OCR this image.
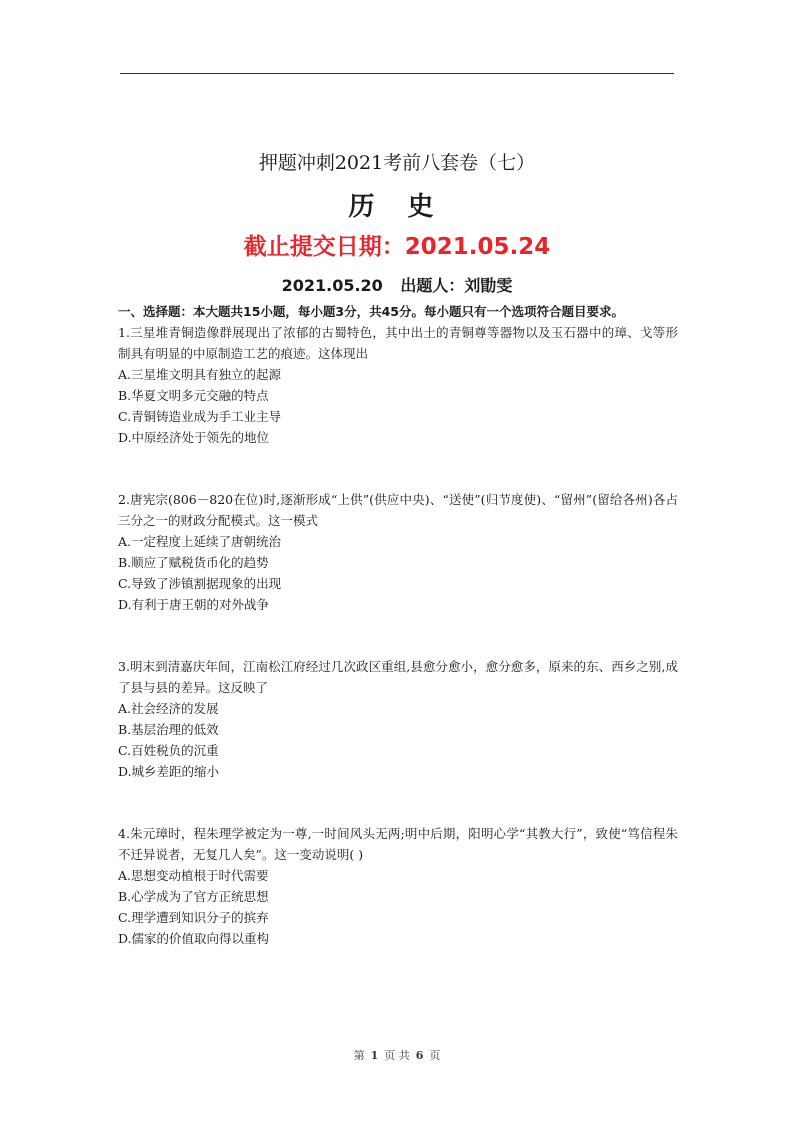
押题冲刺2021考前八套卷（七）
历 史
截止提交日期：2021.05.24
2021.05.20 出题人：刘勖雯

一、选择题：本大题共15小题，每小题3分，共45分。每小题只有一个选项符合题目要求。

1.三星堆青铜造像群展现出了浓郁的古蜀特色，其中出土的青铜尊等器物以及玉石器中的璋、戈等形制具有明显的中原制造工艺的痕迹。这体现出

A.三星堆文明具有独立的起源
B.华夏文明多元交融的特点
C.青铜铸造业成为手工业主导
D.中原经济处于领先的地位

2.唐宪宗(806－820在位)时,逐渐形成“上供”(供应中央)、“送使”(归节度使)、“留州”(留给各州)各占三分之一的财政分配模式。这一模式

A.一定程度上延续了唐朝统治
B.顺应了赋税货币化的趋势
C.导致了涉镇割据现象的出现
D.有利于唐王朝的对外战争

3.明末到清嘉庆年间，江南松江府经过几次政区重组,县愈分愈小，愈分愈多，原来的东、西乡之别,成了县与县的差异。这反映了

A.社会经济的发展
B.基层治理的低效
C.百姓税负的沉重
D.城乡差距的缩小

4.朱元璋时，程朱理学被定为一尊,一时间风头无两;明中后期，阳明心学“其教大行”，致使“笃信程朱不迁异说者，无复几人矣”。这一变动说明( )

A.思想变动植根于时代需要
B.心学成为了官方正统思想
C.理学遭到知识分子的摈弃
D.儒家的价值取向得以重构
第 1 页 共 6 页
